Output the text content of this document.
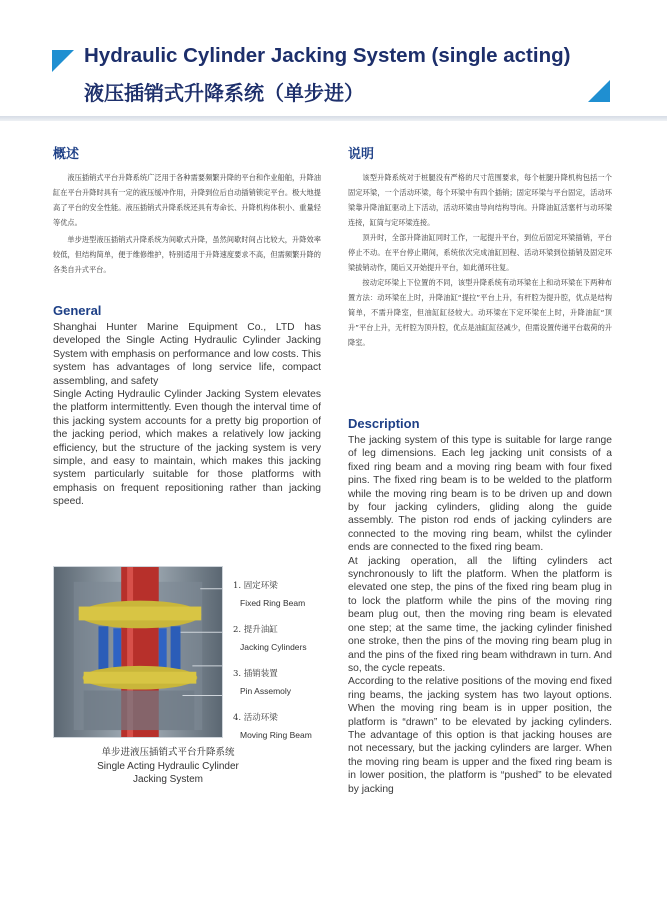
Hydraulic Cylinder Jacking System (single acting)
液压插销式升降系统（单步进）
概述

液压插销式平台升降系统广泛用于各种需要频繁升降的平台和作业船舶，升降油缸在平台升降时具有一定的液压缓冲作用，升降到位后自动插销锁定平台。极大地提高了平台的安全性能。液压插销式升降系统还具有寿命长、升降机构体积小、重量轻等优点。

单步进型液压插销式升降系统为间歇式升降，虽然间歇时间占比较大，升降效率较低，但结构简单，便于维修维护，特别适用于升降速度要求不高，但需频繁升降的各类自升式平台。

General

Shanghai Hunter Marine Equipment Co., LTD has developed the Single Acting Hydraulic Cylinder Jacking System with emphasis on performance and low costs. This system has advantages of long service life, compact assembling, and safety

Single Acting Hydraulic Cylinder Jacking System elevates the platform intermittently. Even though the interval time of this jacking system accounts for a pretty big proportion of the jacking period, which makes a relatively low jacking efficiency, but the structure of the jacking system is very simple, and easy to maintain, which makes this jacking system particularly suitable for those platforms with emphasis on frequent repositioning rather than jacking speed.

1. 固定环梁
Fixed Ring Beam
2. 提升油缸
Jacking Cylinders
3. 插销装置
Pin Assemoly
4. 活动环梁
Moving Ring Beam
单步进液压插销式平台升降系统
Single Acting Hydraulic Cylinder
Jacking System
说明

该型升降系统对于桩腿没有严格的尺寸范围要求，每个桩腿升降机构包括一个固定环梁，一个活动环梁，每个环梁中有四个插销；固定环梁与平台固定，活动环梁靠升降油缸驱动上下活动，活动环梁由导向结构导向。升降油缸活塞杆与动环梁连接，缸筒与定环梁连接。

顶升时，全部升降油缸同时工作，一起提升平台，到位后固定环梁插销，平台停止不动。在平台停止期间，系统依次完成油缸回程、活动环梁到位插销及固定环梁拔销动作，随后又开始提升平台，如此循环往复。

按动定环梁上下位置的不同，该型升降系统有动环梁在上和动环梁在下两种布置方法：动环梁在上时，升降油缸“提拉”平台上升，有杆腔为提升腔，优点是结构简单，不需升降室，但油缸缸径较大。动环梁在下定环梁在上时，升降油缸“顶升”平台上升，无杆腔为顶升腔，优点是油缸缸径减少，但需设置传递平台载荷的升降室。

Description

The jacking system of this type is suitable for large range of leg dimensions. Each leg jacking unit consists of a fixed ring beam and a moving ring beam with four fixed pins. The fixed ring beam is to be welded to the platform while the moving ring beam is to be driven up and down by four jacking cylinders, gliding along the guide assembly. The piston rod ends of jacking cylinders are connected to the moving ring beam, whilst the cylinder ends are connected to the fixed ring beam.

At jacking operation, all the lifting cylinders act synchronously to lift the platform. When the platform is elevated one step, the pins of the fixed ring beam plug in to lock the platform while the pins of the moving ring beam plug out, then the moving ring beam is elevated one step; at the same time, the jacking cylinder finished one stroke, then the pins of the moving ring beam plug in and the pins of the fixed ring beam withdrawn in turn. And so, the cycle repeats.

According to the relative positions of the moving end fixed ring beams, the jacking system has two layout options. When the moving ring beam is in upper position, the platform is “drawn” to be elevated by jacking cylinders. The advantage of this option is that jacking houses are not necessary, but the jacking cylinders are larger. When the moving ring beam is upper and the fixed ring beam is in lower position, the platform is “pushed” to be elevated by jacking
